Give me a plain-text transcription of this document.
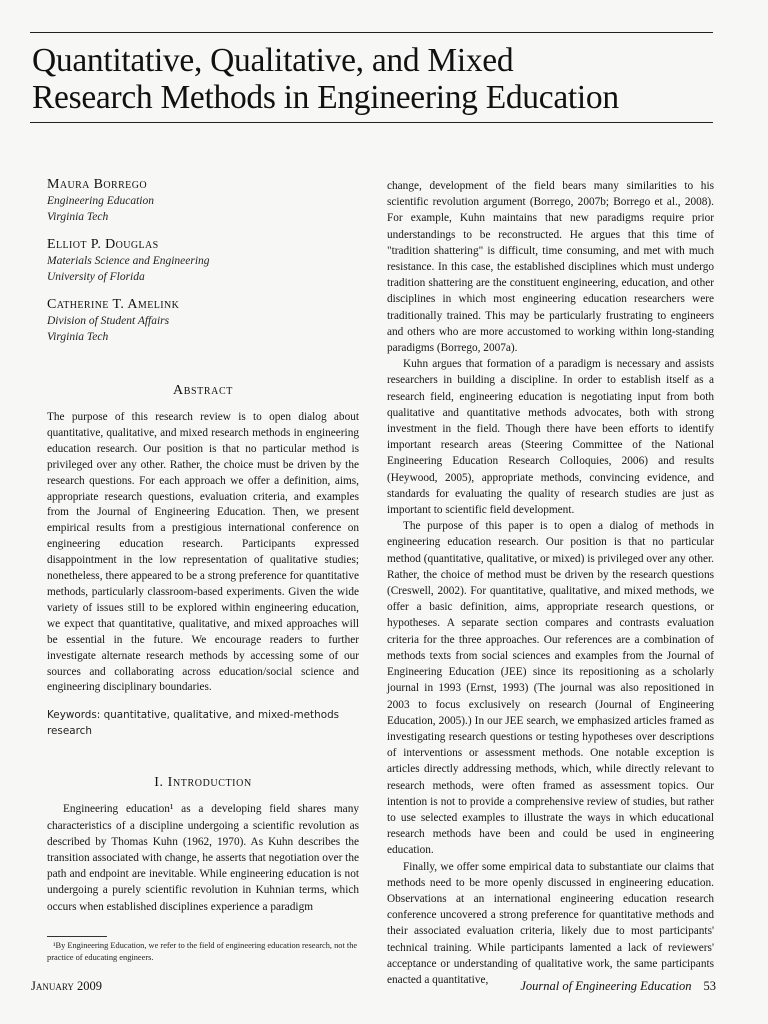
Quantitative, Qualitative, and Mixed
Research Methods in Engineering Education
Maura Borrego
Engineering Education
Virginia Tech
Elliot P. Douglas
Materials Science and Engineering
University of Florida
Catherine T. Amelink
Division of Student Affairs
Virginia Tech
Abstract

The purpose of this research review is to open dialog about quantitative, qualitative, and mixed research methods in engineering education research. Our position is that no particular method is privileged over any other. Rather, the choice must be driven by the research questions. For each approach we offer a definition, aims, appropriate research questions, evaluation criteria, and examples from the Journal of Engineering Education. Then, we present empirical results from a prestigious international conference on engineering education research. Participants expressed disappointment in the low representation of qualitative studies; nonetheless, there appeared to be a strong preference for quantitative methods, particularly classroom-based experiments. Given the wide variety of issues still to be explored within engineering education, we expect that quantitative, qualitative, and mixed approaches will be essential in the future. We encourage readers to further investigate alternate research methods by accessing some of our sources and collaborating across education/social science and engineering disciplinary boundaries.

Keywords: quantitative, qualitative, and mixed-methods research

I. Introduction

Engineering education¹ as a developing field shares many characteristics of a discipline undergoing a scientific revolution as described by Thomas Kuhn (1962, 1970). As Kuhn describes the transition associated with change, he asserts that negotiation over the path and endpoint are inevitable. While engineering education is not undergoing a purely scientific revolution in Kuhnian terms, which occurs when established disciplines experience a paradigm

¹By Engineering Education, we refer to the field of engineering education research, not the practice of educating engineers.

change, development of the field bears many similarities to his scientific revolution argument (Borrego, 2007b; Borrego et al., 2008). For example, Kuhn maintains that new paradigms require prior understandings to be reconstructed. He argues that this time of "tradition shattering" is difficult, time consuming, and met with much resistance. In this case, the established disciplines which must undergo tradition shattering are the constituent engineering, education, and other disciplines in which most engineering education researchers were traditionally trained. This may be particularly frustrating to engineers and others who are more accustomed to working within long-standing paradigms (Borrego, 2007a).

Kuhn argues that formation of a paradigm is necessary and assists researchers in building a discipline. In order to establish itself as a research field, engineering education is negotiating input from both qualitative and quantitative methods advocates, both with strong investment in the field. Though there have been efforts to identify important research areas (Steering Committee of the National Engineering Education Research Colloquies, 2006) and results (Heywood, 2005), appropriate methods, convincing evidence, and standards for evaluating the quality of research studies are just as important to scientific field development.

The purpose of this paper is to open a dialog of methods in engineering education research. Our position is that no particular method (quantitative, qualitative, or mixed) is privileged over any other. Rather, the choice of method must be driven by the research questions (Creswell, 2002). For quantitative, qualitative, and mixed methods, we offer a basic definition, aims, appropriate research questions, or hypotheses. A separate section compares and contrasts evaluation criteria for the three approaches. Our references are a combination of methods texts from social sciences and examples from the Journal of Engineering Education (JEE) since its repositioning as a scholarly journal in 1993 (Ernst, 1993) (The journal was also repositioned in 2003 to focus exclusively on research (Journal of Engineering Education, 2005).) In our JEE search, we emphasized articles framed as investigating research questions or testing hypotheses over descriptions of interventions or assessment methods. One notable exception is articles directly addressing methods, which, while directly relevant to research methods, were often framed as assessment topics. Our intention is not to provide a comprehensive review of studies, but rather to use selected examples to illustrate the ways in which educational research methods have been and could be used in engineering education.

Finally, we offer some empirical data to substantiate our claims that methods need to be more openly discussed in engineering education. Observations at an international engineering education research conference uncovered a strong preference for quantitative methods and their associated evaluation criteria, likely due to most participants' technical training. While participants lamented a lack of reviewers' acceptance or understanding of qualitative work, the same participants enacted a quantitative,

January 2009	Journal of Engineering Education 53
